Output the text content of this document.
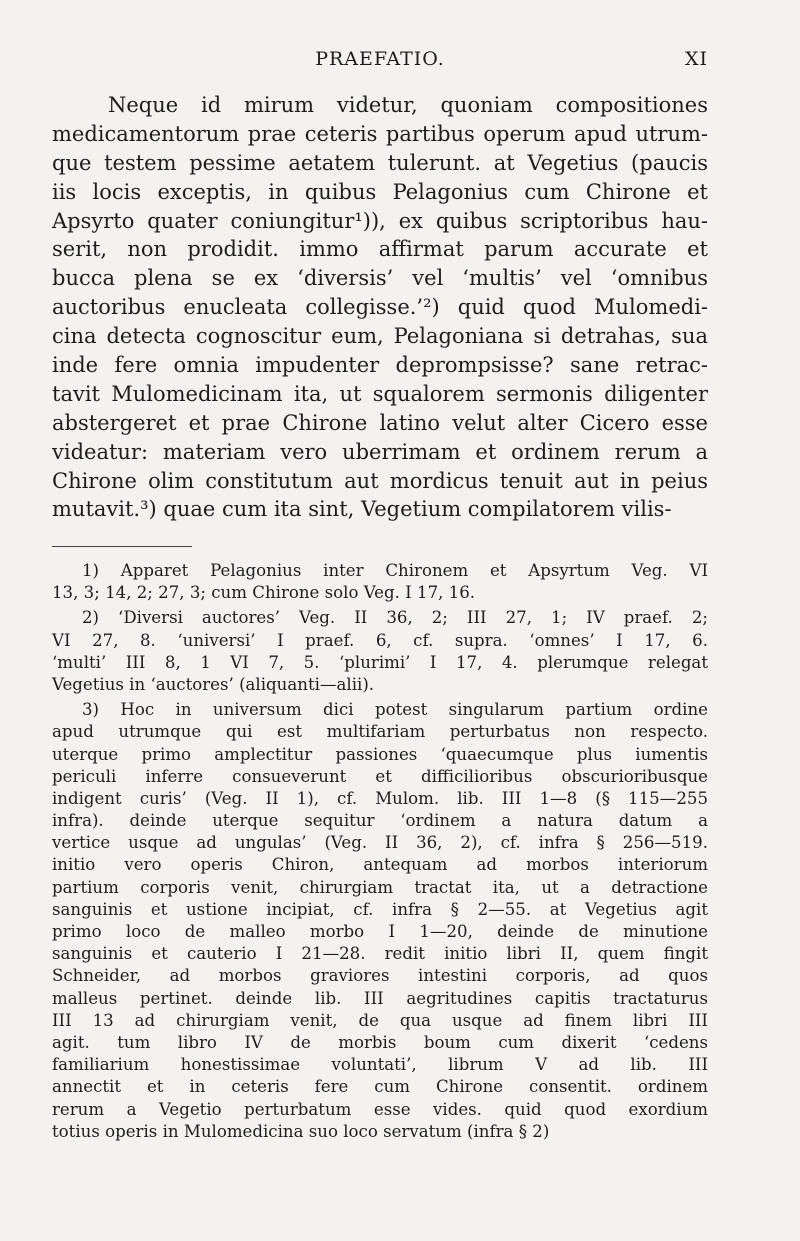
PRAEFATIO.	XI
Neque id mirum videtur, quoniam compositiones
medicamentorum prae ceteris partibus operum apud utrum-
que testem pessime aetatem tulerunt. at Vegetius (paucis
iis locis exceptis, in quibus Pelagonius cum Chirone et
Apsyrto quater coniungitur¹)), ex quibus scriptoribus hau-
serit, non prodidit. immo affirmat parum accurate et
bucca plena se ex ‘diversis’ vel ‘multis’ vel ‘omnibus
auctoribus enucleata collegisse.’²) quid quod Mulomedi-
cina detecta cognoscitur eum, Pelagoniana si detrahas, sua
inde fere omnia impudenter deprompsisse? sane retrac-
tavit Mulomedicinam ita, ut squalorem sermonis diligenter
abstergeret et prae Chirone latino velut alter Cicero esse
videatur: materiam vero uberrimam et ordinem rerum a
Chirone olim constitutum aut mordicus tenuit aut in peius
mutavit.³) quae cum ita sint, Vegetium compilatorem vilis-
1) Apparet Pelagonius inter Chironem et Apsyrtum Veg. VI
13, 3; 14, 2; 27, 3; cum Chirone solo Veg. I 17, 16.
2) ‘Diversi auctores’ Veg. II 36, 2; III 27, 1; IV praef. 2;
VI 27, 8. ‘universi’ I praef. 6, cf. supra. ‘omnes’ I 17, 6.
‘multi’ III 8, 1 VI 7, 5. ‘plurimi’ I 17, 4. plerumque relegat
Vegetius in ‘auctores’ (aliquanti—alii).
3) Hoc in universum dici potest singularum partium ordine
apud utrumque qui est multifariam perturbatus non respecto.
uterque primo amplectitur passiones ‘quaecumque plus iumentis
periculi inferre consueverunt et difficilioribus obscurioribusque
indigent curis’ (Veg. II 1), cf. Mulom. lib. III 1—8 (§ 115—255
infra). deinde uterque sequitur ‘ordinem a natura datum a
vertice usque ad ungulas’ (Veg. II 36, 2), cf. infra § 256—519.
initio vero operis Chiron, antequam ad morbos interiorum
partium corporis venit, chirurgiam tractat ita, ut a detractione
sanguinis et ustione incipiat, cf. infra § 2—55. at Vegetius agit
primo loco de malleo morbo I 1—20, deinde de minutione
sanguinis et cauterio I 21—28. redit initio libri II, quem fingit
Schneider, ad morbos graviores intestini corporis, ad quos
malleus pertinet. deinde lib. III aegritudines capitis tractaturus
III 13 ad chirurgiam venit, de qua usque ad finem libri III
agit. tum libro IV de morbis boum cum dixerit ‘cedens
familiarium honestissimae voluntati’, librum V ad lib. III
annectit et in ceteris fere cum Chirone consentit. ordinem
rerum a Vegetio perturbatum esse vides. quid quod exordium
totius operis in Mulomedicina suo loco servatum (infra § 2)
